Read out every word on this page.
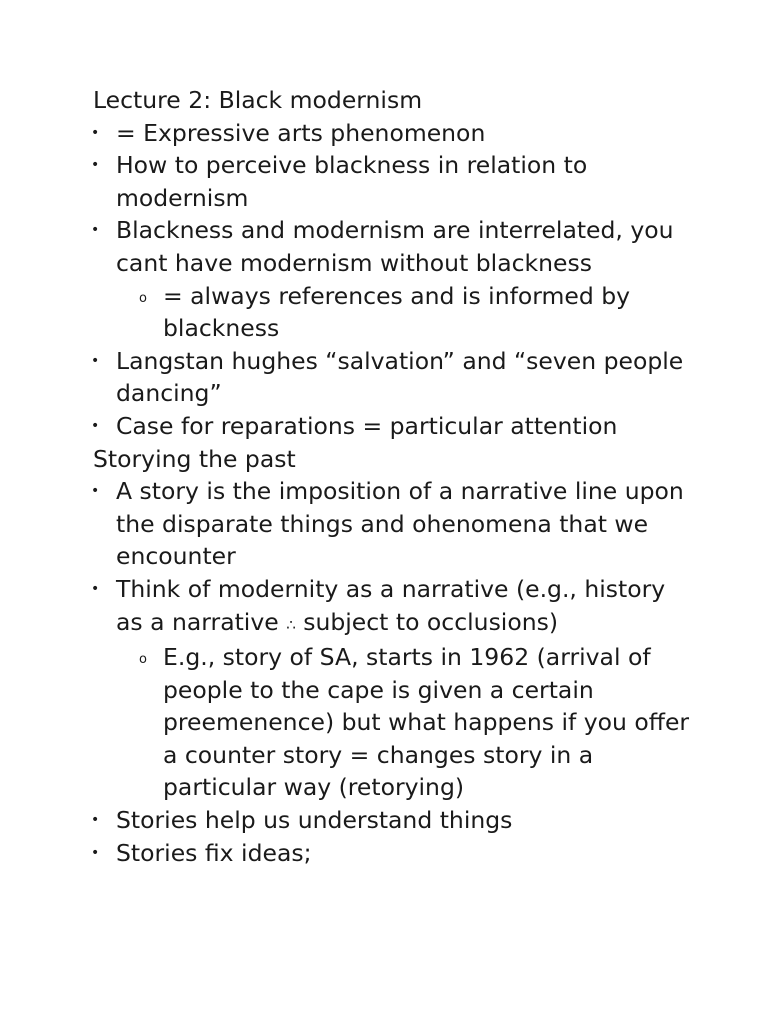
Lecture 2: Black modernism

• = Expressive arts phenomenon
• How to perceive blackness in relation to modernism
• Blackness and modernism are interrelated, you cant have modernism without blackness
o = always references and is informed by blackness
• Langstan hughes “salvation” and “seven people dancing”
• Case for reparations = particular attention

Storying the past

• A story is the imposition of a narrative line upon the disparate things and ohenomena that we encounter
• Think of modernity as a narrative (e.g., history as a narrative ∴ subject to occlusions)
o E.g., story of SA, starts in 1962 (arrival of people to the cape is given a certain preemenence) but what happens if you offer a counter story = changes story in a particular way (retorying)
• Stories help us understand things
• Stories fix ideas;
